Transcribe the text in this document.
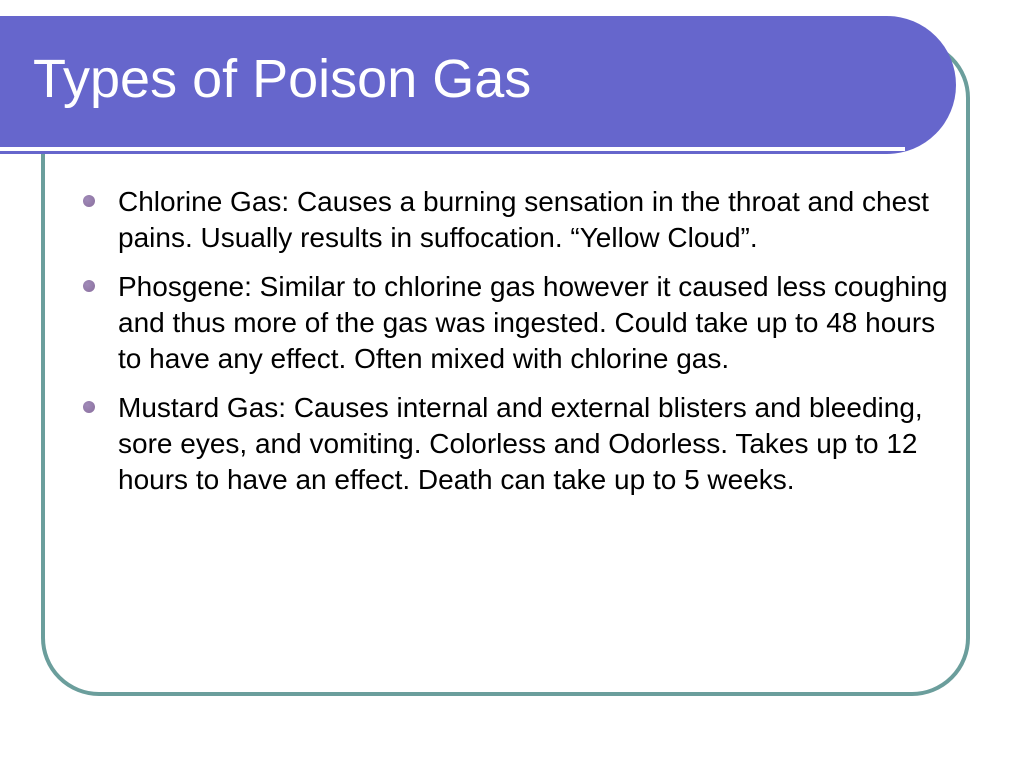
Types of Poison Gas
Chlorine Gas: Causes a burning sensation in the throat and chest pains. Usually results in suffocation. “Yellow Cloud”.
Phosgene: Similar to chlorine gas however it caused less coughing and thus more of the gas was ingested. Could take up to 48 hours to have any effect. Often mixed with chlorine gas.
Mustard Gas: Causes internal and external blisters and bleeding, sore eyes, and vomiting. Colorless and Odorless. Takes up to 12 hours to have an effect. Death can take up to 5 weeks.
